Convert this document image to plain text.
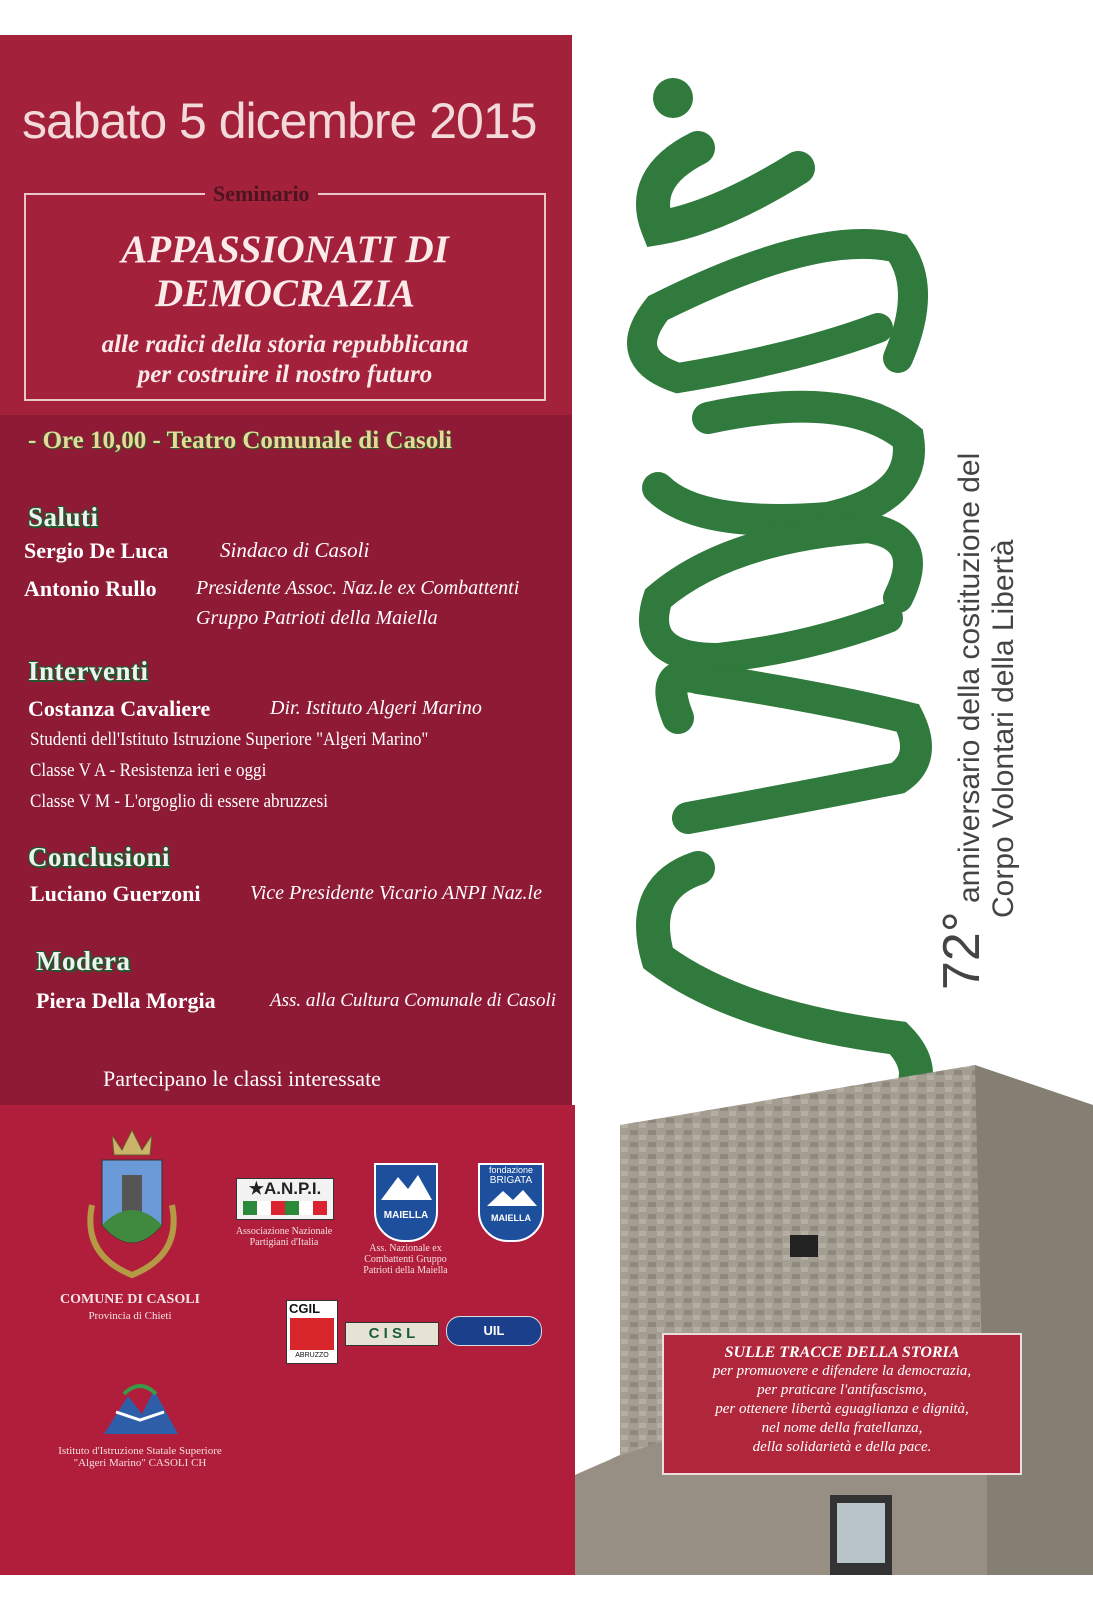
sabato 5 dicembre 2015
Seminario
APPASSIONATI DI
DEMOCRAZIA
alle radici della storia repubblicana
per costruire il nostro futuro
- Ore 10,00 - Teatro Comunale di Casoli
Saluti
Sergio De Luca Sindaco di Casoli
Antonio Rullo Presidente Assoc. Naz.le ex Combattenti
Gruppo Patrioti della Maiella
Interventi
Costanza Cavaliere	Dir. Istituto Algeri Marino
Studenti dell'Istituto Istruzione Superiore "Algeri Marino"
Classe V A - Resistenza ieri e oggi
Classe V M - L'orgoglio di essere abruzzesi
Conclusioni
Luciano Guerzoni Vice Presidente Vicario ANPI Naz.le
Modera
Piera Della Morgia	Ass. alla Cultura Comunale di Casoli
Partecipano le classi interessate
COMUNE DI CASOLI
Provincia di Chieti
★A.N.P.I.
Associazione Nazionale Partigiani d'Italia
MAIELLA
Ass. Nazionale ex Combattenti Gruppo Patrioti della Maiella
fondazione
BRIGATA
MAIELLA
CGIL
ABRUZZO
C I S L	UIL
Istituto d'Istruzione Statale Superiore "Algeri Marino" CASOLI CH
72° anniversario della costituzione del Corpo Volontari della Libertà
SULLE TRACCE DELLA STORIA
per promuovere e difendere la democrazia,
per praticare l'antifascismo,
per ottenere libertà eguaglianza e dignità,
nel nome della fratellanza,
della solidarietà e della pace.
